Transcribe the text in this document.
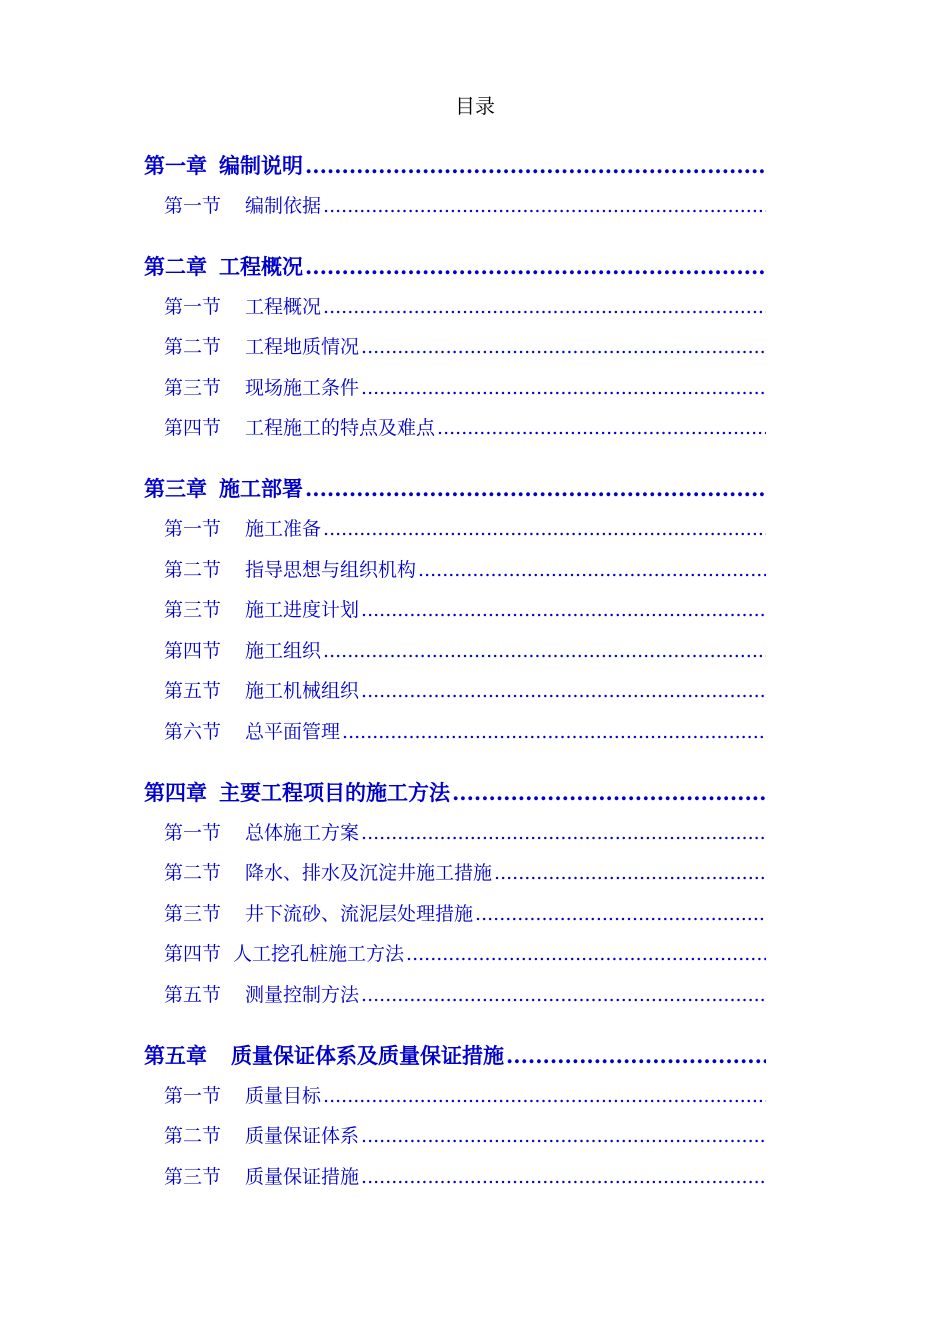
目录
第一章 编制说明
.....
第一节 编制依据
.....
第二章 工程概况
.....
第一节 工程概况
.....
第二节 工程地质情况
.....
第三节 现场施工条件
.....
第四节 工程施工的特点及难点
.....
第三章 施工部署
.....
第一节 施工准备
.....
第二节 指导思想与组织机构
.....
第三节 施工进度计划
.....
第四节 施工组织
.....
第五节 施工机械组织
.....
第六节 总平面管理
.....
第四章 主要工程项目的施工方法
.....
第一节 总体施工方案
.....
第二节 降水、排水及沉淀井施工措施
.....
第三节 井下流砂、流泥层处理措施
.....
第四节 人工挖孔桩施工方法
.....
第五节 测量控制方法
.....
第五章 质量保证体系及质量保证措施
.....
第一节 质量目标
.....
第二节 质量保证体系
.....
第三节 质量保证措施
.....
